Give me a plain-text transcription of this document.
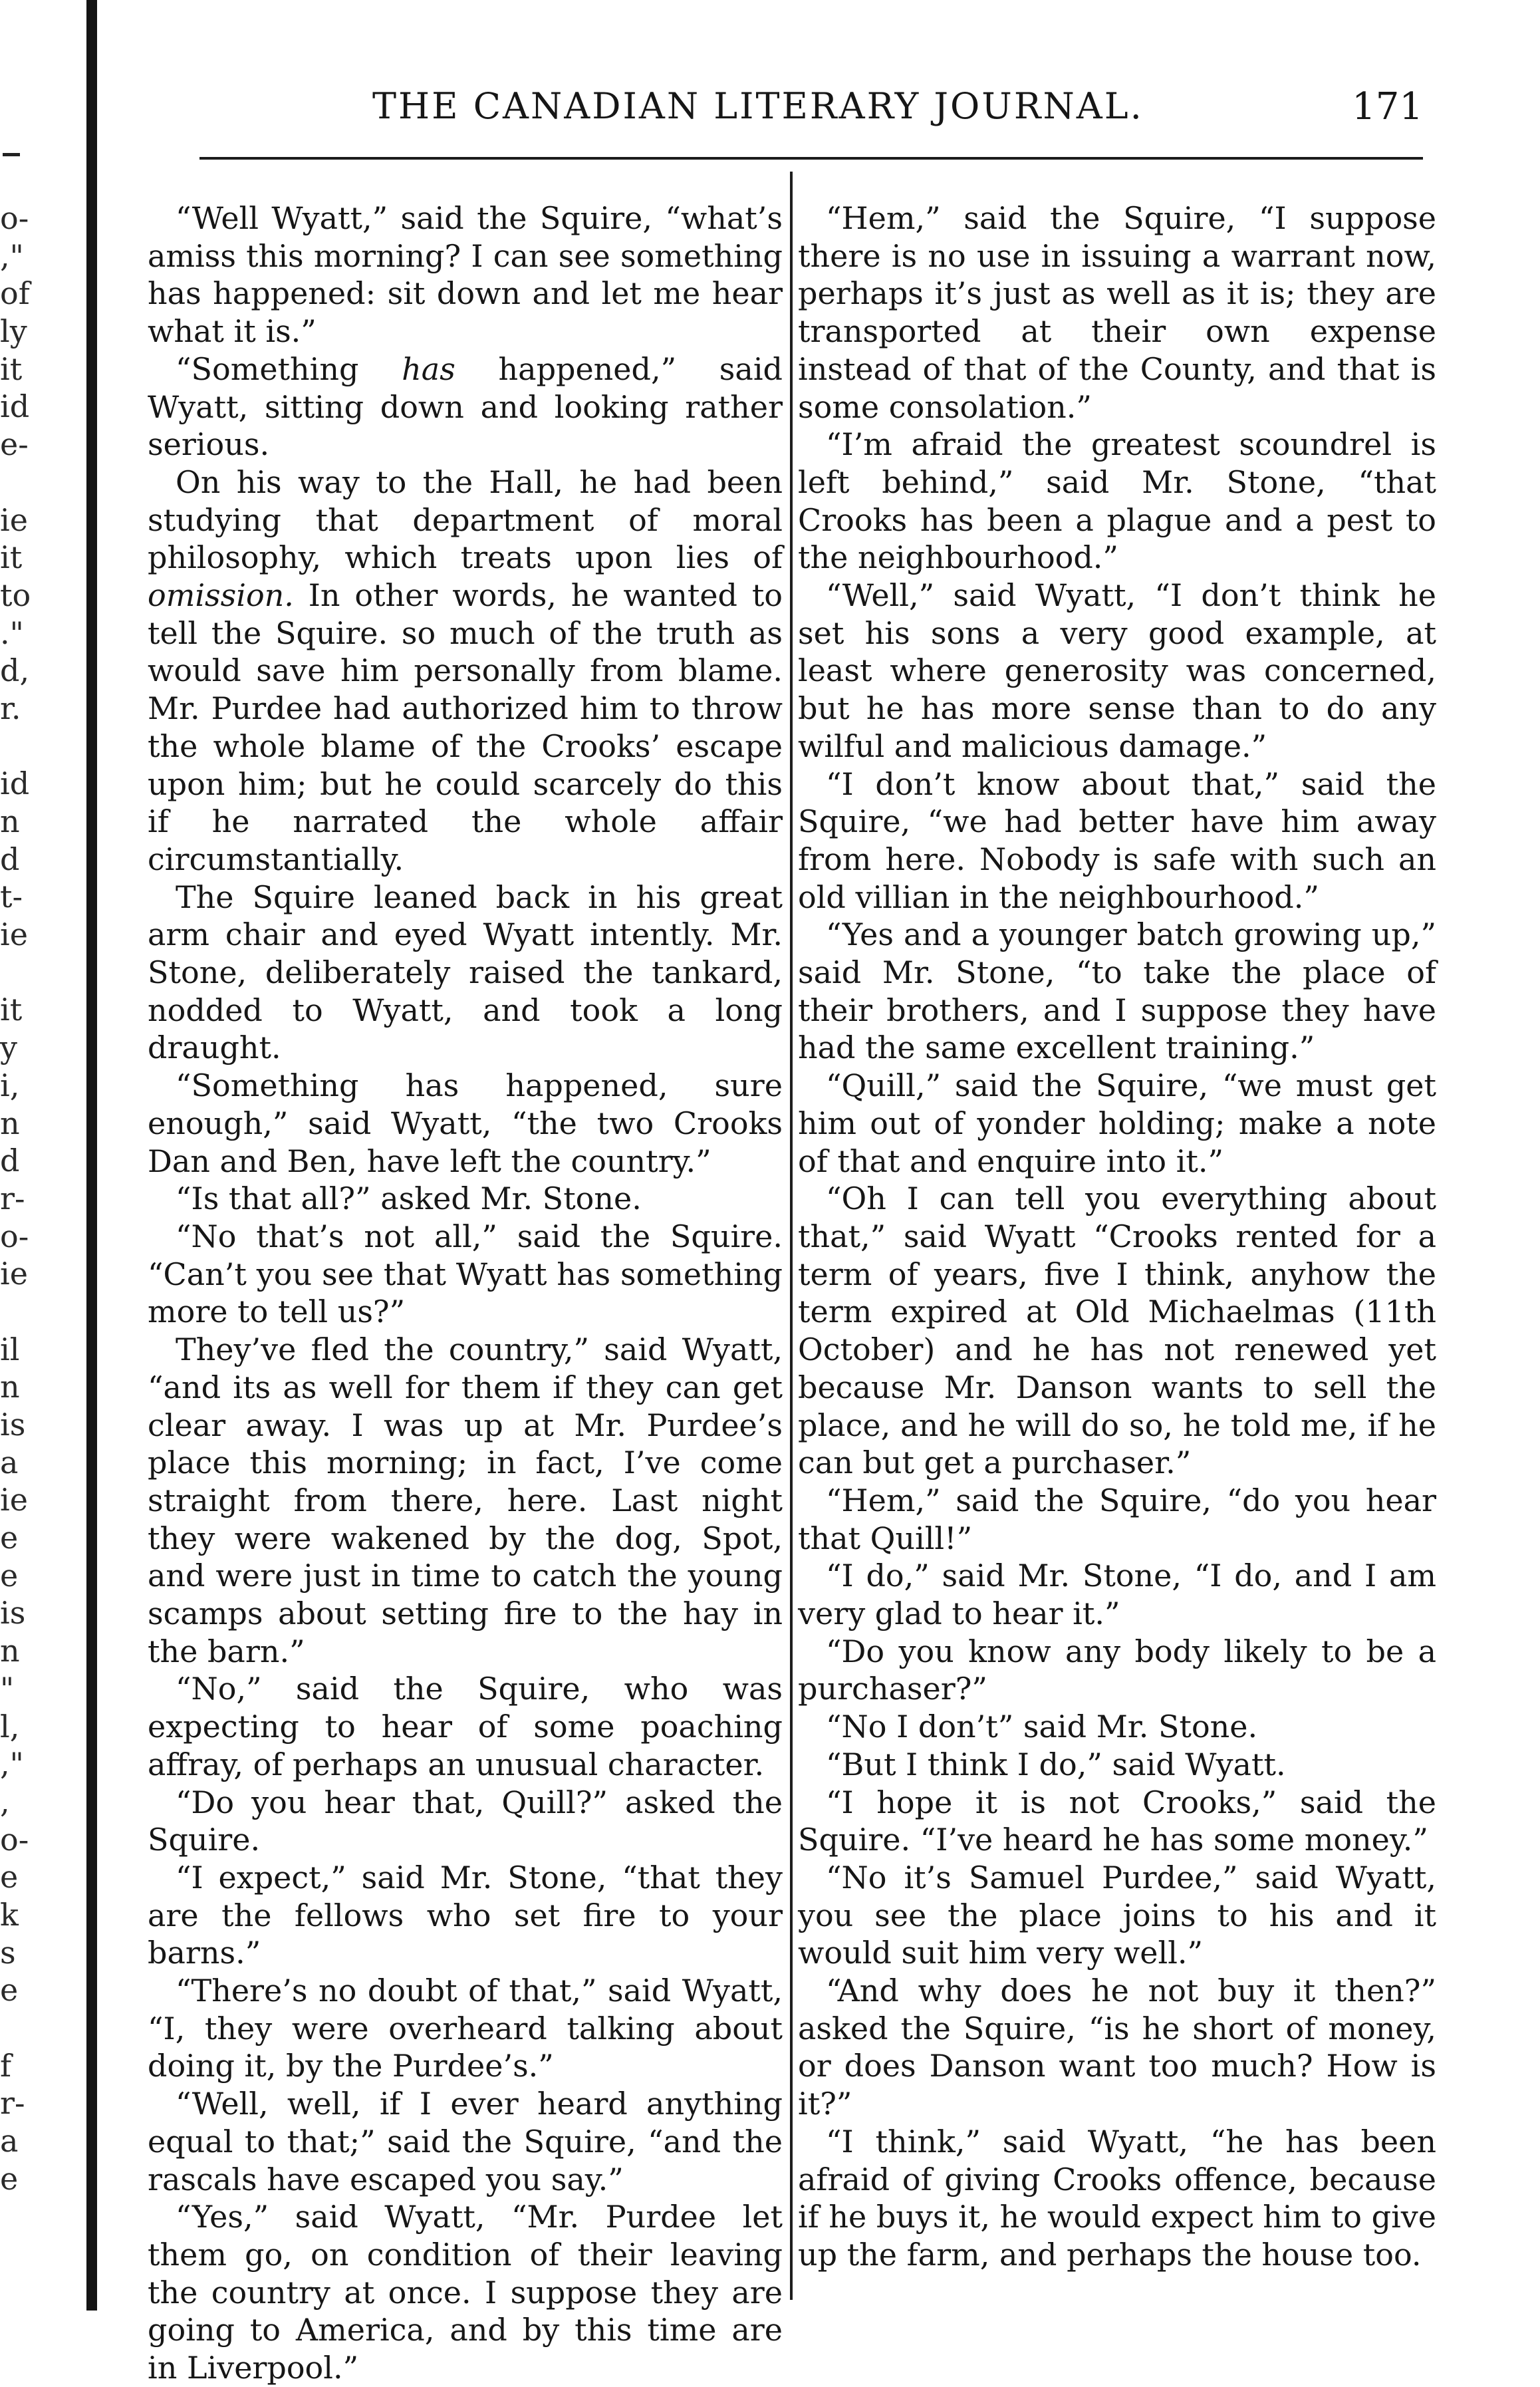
o-
,"
of
ly
it
id
e-
ie
it
to
."
d,
r.
id
n
d
t-
ie
it
y
i,
n
d
r-
o-
ie
il
n
is
a
ie
e
e
is
n
"
l,
,"
,
o-
e
k
s
e
f
r-
a
e
THE CANADIAN LITERARY JOURNAL.	171

“Well Wyatt,” said the Squire, “what’s amiss this morning? I can see something has happened: sit down and let me hear what it is.”

“Something has happened,” said Wyatt, sitting down and looking rather serious.

On his way to the Hall, he had been studying that department of moral philosophy, which treats upon lies of omission. In other words, he wanted to tell the Squire. so much of the truth as would save him personally from blame. Mr. Purdee had authorized him to throw the whole blame of the Crooks’ escape upon him; but he could scarcely do this if he narrated the whole affair circumstantially.

The Squire leaned back in his great arm chair and eyed Wyatt intently. Mr. Stone, deliberately raised the tankard, nodded to Wyatt, and took a long draught.

“Something has happened, sure enough,” said Wyatt, “the two Crooks Dan and Ben, have left the country.”

“Is that all?” asked Mr. Stone.

“No that’s not all,” said the Squire. “Can’t you see that Wyatt has something more to tell us?”

They’ve fled the country,” said Wyatt, “and its as well for them if they can get clear away. I was up at Mr. Purdee’s place this morning; in fact, I’ve come straight from there, here. Last night they were wakened by the dog, Spot, and were just in time to catch the young scamps about setting fire to the hay in the barn.”

“No,” said the Squire, who was expecting to hear of some poaching affray, of perhaps an unusual character.

“Do you hear that, Quill?” asked the Squire.

“I expect,” said Mr. Stone, “that they are the fellows who set fire to your barns.”

“There’s no doubt of that,” said Wyatt, “I, they were overheard talking about doing it, by the Purdee’s.”

“Well, well, if I ever heard anything equal to that;” said the Squire, “and the rascals have escaped you say.”

“Yes,” said Wyatt, “Mr. Purdee let them go, on condition of their leaving the country at once. I suppose they are going to America, and by this time are in Liverpool.”

“Hem,” said the Squire, “I suppose there is no use in issuing a warrant now, perhaps it’s just as well as it is; they are transported at their own expense instead of that of the County, and that is some consolation.”

“I’m afraid the greatest scoundrel is left behind,” said Mr. Stone, “that Crooks has been a plague and a pest to the neighbourhood.”

“Well,” said Wyatt, “I don’t think he set his sons a very good example, at least where generosity was concerned, but he has more sense than to do any wilful and malicious damage.”

“I don’t know about that,” said the Squire, “we had better have him away from here. Nobody is safe with such an old villian in the neighbourhood.”

“Yes and a younger batch growing up,” said Mr. Stone, “to take the place of their brothers, and I suppose they have had the same excellent training.”

“Quill,” said the Squire, “we must get him out of yonder holding; make a note of that and enquire into it.”

“Oh I can tell you everything about that,” said Wyatt “Crooks rented for a term of years, five I think, anyhow the term expired at Old Michaelmas (11th October) and he has not renewed yet because Mr. Danson wants to sell the place, and he will do so, he told me, if he can but get a purchaser.”

“Hem,” said the Squire, “do you hear that Quill!”

“I do,” said Mr. Stone, “I do, and I am very glad to hear it.”

“Do you know any body likely to be a purchaser?”

“No I don’t” said Mr. Stone.

“But I think I do,” said Wyatt.

“I hope it is not Crooks,” said the Squire. “I’ve heard he has some money.”

“No it’s Samuel Purdee,” said Wyatt, you see the place joins to his and it would suit him very well.”

“And why does he not buy it then?” asked the Squire, “is he short of money, or does Danson want too much? How is it?”

“I think,” said Wyatt, “he has been afraid of giving Crooks offence, because if he buys it, he would expect him to give up the farm, and perhaps the house too.
